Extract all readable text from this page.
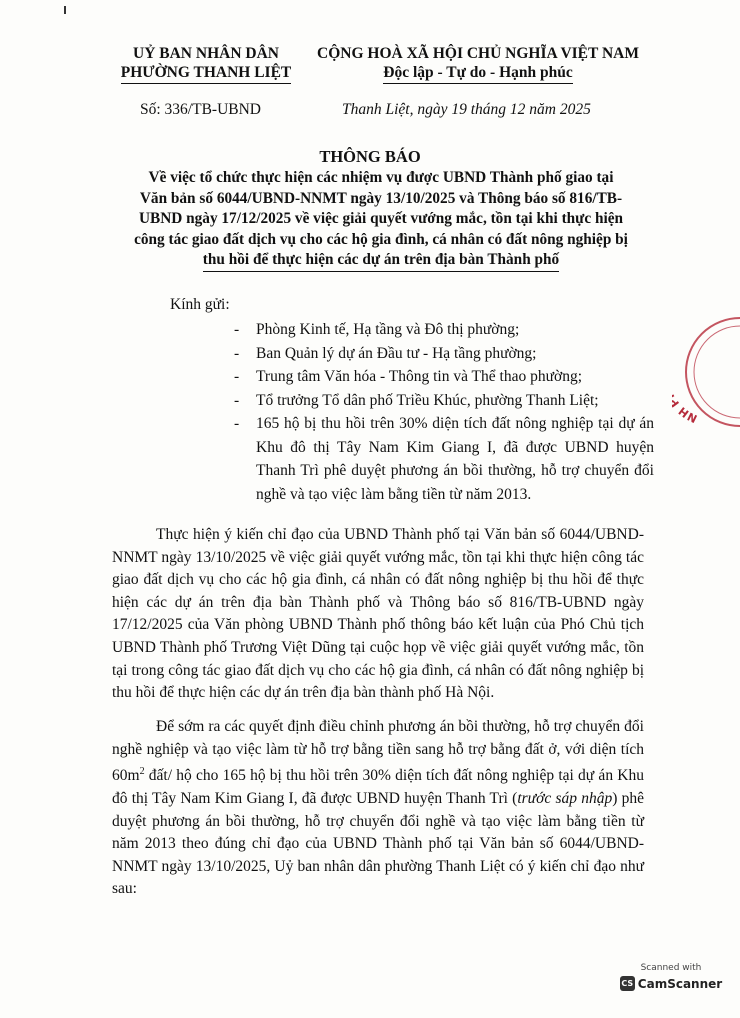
UỶ BAN NHÂN DÂN
PHƯỜNG THANH LIỆT
CỘNG HOÀ XÃ HỘI CHỦ NGHĨA VIỆT NAM
Độc lập - Tự do - Hạnh phúc
Số: 336/TB-UBND	Thanh Liệt, ngày 19 tháng 12 năm 2025
THÔNG BÁO
Về việc tổ chức thực hiện các nhiệm vụ được UBND Thành phố giao tại
Văn bản số 6044/UBND-NNMT ngày 13/10/2025 và Thông báo số 816/TB-
UBND ngày 17/12/2025 về việc giải quyết vướng mắc, tồn tại khi thực hiện
công tác giao đất dịch vụ cho các hộ gia đình, cá nhân có đất nông nghiệp bị
thu hồi để thực hiện các dự án trên địa bàn Thành phố
Kính gửi:
- Phòng Kinh tế, Hạ tầng và Đô thị phường;
- Ban Quản lý dự án Đầu tư - Hạ tầng phường;
- Trung tâm Văn hóa - Thông tin và Thể thao phường;
- Tổ trưởng Tổ dân phố Triều Khúc, phường Thanh Liệt;
- 165 hộ bị thu hồi trên 30% diện tích đất nông nghiệp tại dự án Khu đô thị Tây Nam Kim Giang I, đã được UBND huyện Thanh Trì phê duyệt phương án bồi thường, hỗ trợ chuyển đổi nghề và tạo việc làm bằng tiền từ năm 2013.

Thực hiện ý kiến chỉ đạo của UBND Thành phố tại Văn bản số 6044/UBND-NNMT ngày 13/10/2025 về việc giải quyết vướng mắc, tồn tại khi thực hiện công tác giao đất dịch vụ cho các hộ gia đình, cá nhân có đất nông nghiệp bị thu hồi để thực hiện các dự án trên địa bàn Thành phố và Thông báo số 816/TB-UBND ngày 17/12/2025 của Văn phòng UBND Thành phố thông báo kết luận của Phó Chủ tịch UBND Thành phố Trương Việt Dũng tại cuộc họp về việc giải quyết vướng mắc, tồn tại trong công tác giao đất dịch vụ cho các hộ gia đình, cá nhân có đất nông nghiệp bị thu hồi để thực hiện các dự án trên địa bàn thành phố Hà Nội.

Để sớm ra các quyết định điều chỉnh phương án bồi thường, hỗ trợ chuyển đổi nghề nghiệp và tạo việc làm từ hỗ trợ bằng tiền sang hỗ trợ bằng đất ở, với diện tích $60m^2$ đất/ hộ cho 165 hộ bị thu hồi trên 30% diện tích đất nông nghiệp tại dự án Khu đô thị Tây Nam Kim Giang I, đã được UBND huyện Thanh Trì (trước sáp nhập) phê duyệt phương án bồi thường, hỗ trợ chuyển đổi nghề và tạo việc làm bằng tiền từ năm 2013 theo đúng chỉ đạo của UBND Thành phố tại Văn bản số 6044/UBND-NNMT ngày 13/10/2025, Uỷ ban nhân dân phường Thanh Liệt có ý kiến chỉ đạo như sau:

NH
Scanned with
CS CamScanner
